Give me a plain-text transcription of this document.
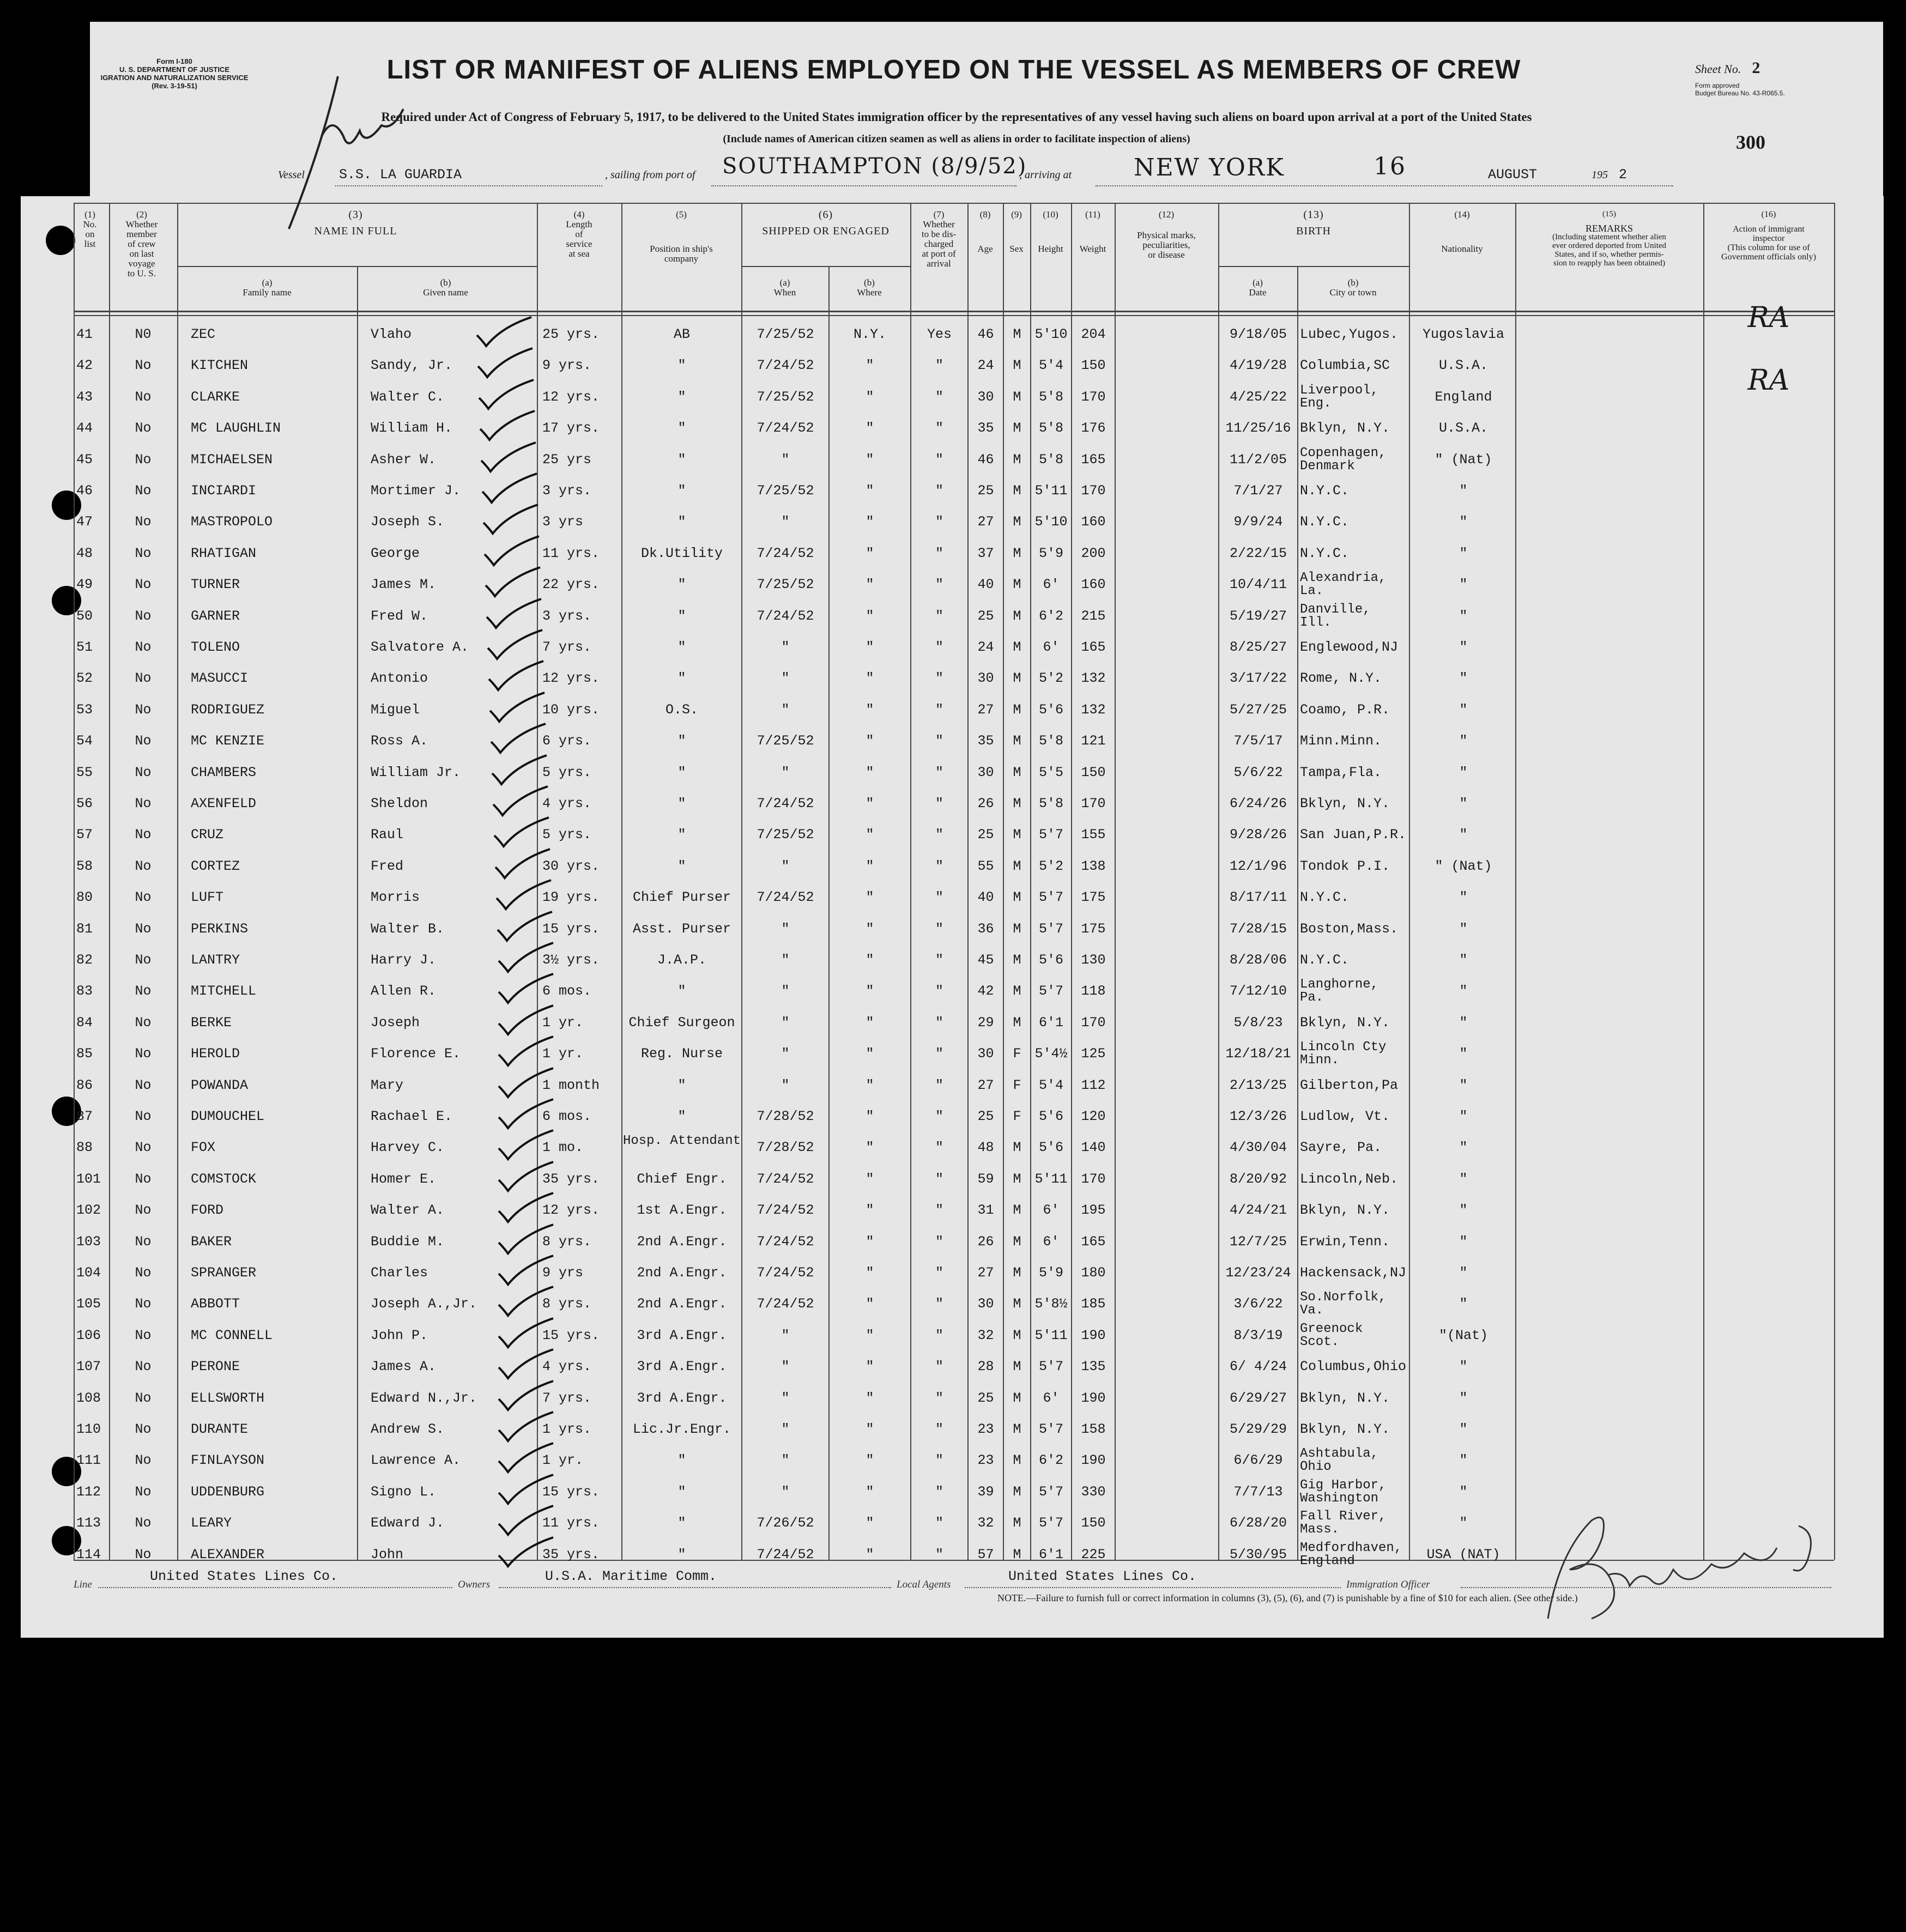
Form I-180
U. S. DEPARTMENT OF JUSTICE
IGRATION AND NATURALIZATION SERVICE
(Rev. 3-19-51)
LIST OR MANIFEST OF ALIENS EMPLOYED ON THE VESSEL AS MEMBERS OF CREW	Sheet No. 2
Form approved
Budget Bureau No. 43-R065.5.
300
Required under Act of Congress of February 5, 1917, to be delivered to the United States immigration officer by the representatives of any vessel having such aliens on board upon arrival at a port of the United States
(Include names of American citizen seamen as well as aliens in order to facilitate inspection of aliens)
Vessel	S.S. LA GUARDIA	, sailing from port of SOUTHAMPTON (8/9/52)
, arriving at	NEW YORK	16	AUGUST	195 2
(1)
No.
on
list
(2)
Whether
member
of crew
on last
voyage
to U. S.
(3)
NAME IN FULL
(a)
Family name
(b)
Given name
(4)
Length
of
service
at sea
(5)
Position in ship's
company
(6)
SHIPPED OR ENGAGED
(a)
When
(b)
Where
(7)
Whether
to be dis-
charged
at port of
arrival
(8)
Age
(9)
Sex
(10)
Height
(11)
Weight
(12)
Physical marks,
peculiarities,
or disease
(13)
BIRTH
(a)
Date
(b)
City or town
(14)
Nationality
(15)
REMARKS
(Including statement whether alien
ever ordered deported from United
States, and if so, whether permis-
sion to reapply has been obtained)
(16)
Action of immigrant
inspector
(This column for use of
Government officials only)
41	N0	ZEC	Vlaho	25 yrs.	AB	7/25/52	N.Y.	Yes	46	M 5'10 204	9/18/05 Lubec,Yugos.	Yugoslavia
RA
42	No	KITCHEN	Sandy, Jr.	9 yrs.	"	7/24/52	"	"	24	M	5'4	150	4/19/28 Columbia,SC	U.S.A.
43	No	CLARKE	Walter C.	12 yrs.	"	7/25/52	"	"	30	M	5'8	170	4/25/22 Liverpool, Eng.	England
RA
44	No	MC LAUGHLIN	William H.	17 yrs.	"	7/24/52	"	"	35	M	5'8	176	11/25/16 Bklyn, N.Y.	U.S.A.
45	No	MICHAELSEN	Asher W.	25 yrs	"	"	"	"	46	M	5'8	165	11/2/05 Copenhagen, Denmark	" (Nat)
46	No	INCIARDI	Mortimer J.	3 yrs.	"	7/25/52	"	"	25	M 5'11 170	7/1/27	N.Y.C.	"
47	No	MASTROPOLO	Joseph S.	3 yrs	"	"	"	"	27	M 5'10 160	9/9/24	N.Y.C.	"
48	No	RHATIGAN	George	11 yrs.	Dk.Utility	7/24/52	"	"	37	M	5'9	200	2/22/15 N.Y.C.	"
49	No	TURNER	James M.	22 yrs.	"	7/25/52	"	"	40	M	6'	160	10/4/11 Alexandria, La.	"
50	No	GARNER	Fred W.	3 yrs.	"	7/24/52	"	"	25	M	6'2	215	5/19/27 Danville, Ill.	"
51	No	TOLENO	Salvatore A.	7 yrs.	"	"	"	"	24	M	6'	165	8/25/27 Englewood,NJ	"
52	No	MASUCCI	Antonio	12 yrs.	"	"	"	"	30	M	5'2	132	3/17/22 Rome, N.Y.	"
53	No	RODRIGUEZ	Miguel	10 yrs.	O.S.	"	"	"	27	M	5'6	132	5/27/25 Coamo, P.R.	"
54	No	MC KENZIE	Ross A.	6 yrs.	"	7/25/52	"	"	35	M	5'8	121	7/5/17	Minn.Minn.	"
55	No	CHAMBERS	William Jr.	5 yrs.	"	"	"	"	30	M	5'5	150	5/6/22	Tampa,Fla.	"
56	No	AXENFELD	Sheldon	4 yrs.	"	7/24/52	"	"	26	M	5'8	170	6/24/26 Bklyn, N.Y.	"
57	No	CRUZ	Raul	5 yrs.	"	7/25/52	"	"	25	M	5'7	155	9/28/26 San Juan,P.R.	"
58	No	CORTEZ	Fred	30 yrs.	"	"	"	"	55	M	5'2	138	12/1/96 Tondok P.I.	" (Nat)
80	No	LUFT	Morris	19 yrs.	Chief Purser	7/24/52	"	"	40	M	5'7	175	8/17/11 N.Y.C.	"
81	No	PERKINS	Walter B.	15 yrs.	Asst. Purser	"	"	"	36	M	5'7	175	7/28/15 Boston,Mass.	"
82	No	LANTRY	Harry J.	3½ yrs.	J.A.P.	"	"	"	45	M	5'6	130	8/28/06 N.Y.C.	"
83	No	MITCHELL	Allen R.	6 mos.	"	"	"	"	42	M	5'7	118	7/12/10 Langhorne, Pa.	"
84	No	BERKE	Joseph	1 yr.	Chief Surgeon	"	"	"	29	M	6'1	170	5/8/23	Bklyn, N.Y.	"
85	No	HEROLD	Florence E.	1 yr.	Reg. Nurse	"	"	"	30	F 5'4½ 125	12/18/21 Lincoln Cty Minn.	"
86	No	POWANDA	Mary	1 month	"	"	"	"	27	F	5'4	112	2/13/25 Gilberton,Pa	"
87	No	DUMOUCHEL	Rachael E.	6 mos.	"	7/28/52	"	"	25	F	5'6	120	12/3/26 Ludlow, Vt.	"
88	No	FOX	Harvey C.	1 mo.	Hosp. Attendant	7/28/52	"	"	48	M	5'6	140	4/30/04 Sayre, Pa.	"
101	No	COMSTOCK	Homer E.	35 yrs.	Chief Engr.	7/24/52	"	"	59	M 5'11 170	8/20/92 Lincoln,Neb.	"
102	No	FORD	Walter A.	12 yrs.	1st A.Engr.	7/24/52	"	"	31	M	6'	195	4/24/21 Bklyn, N.Y.	"
103	No	BAKER	Buddie M.	8 yrs.	2nd A.Engr.	7/24/52	"	"	26	M	6'	165	12/7/25 Erwin,Tenn.	"
104	No	SPRANGER	Charles	9 yrs	2nd A.Engr.	7/24/52	"	"	27	M	5'9	180	12/23/24 Hackensack,NJ	"
105	No	ABBOTT	Joseph A.,Jr.	8 yrs.	2nd A.Engr.	7/24/52	"	"	30	M 5'8½ 185	3/6/22	So.Norfolk, Va.	"
106	No	MC CONNELL	John P.	15 yrs.	3rd A.Engr.	"	"	"	32	M 5'11 190	8/3/19	Greenock Scot.	"(Nat)
107	No	PERONE	James A.	4 yrs.	3rd A.Engr.	"	"	"	28	M	5'7	135	6/ 4/24 Columbus,Ohio	"
108	No	ELLSWORTH	Edward N.,Jr.	7 yrs.	3rd A.Engr.	"	"	"	25	M	6'	190	6/29/27 Bklyn, N.Y.	"
110	No	DURANTE	Andrew S.	1 yrs.	Lic.Jr.Engr.	"	"	"	23	M	5'7	158	5/29/29 Bklyn, N.Y.	"
111	No	FINLAYSON	Lawrence A.	1 yr.	"	"	"	"	23	M	6'2	190	6/6/29	Ashtabula, Ohio	"
112	No	UDDENBURG	Signo L.	15 yrs.	"	"	"	"	39	M	5'7	330	7/7/13	Gig Harbor, Washington	"
113	No	LEARY	Edward J.	11 yrs.	"	7/26/52	"	"	32	M	5'7	150	6/28/20 Fall River, Mass.	"
114	No	ALEXANDER	John	35 yrs.	"	7/24/52	"	"	57	M	6'1	225	5/30/95 Medfordhaven, England	USA (NAT)
Line
United States Lines Co.
Owners
U.S.A. Maritime Comm.
Local Agents
United States Lines Co.
Immigration Officer
NOTE.—Failure to furnish full or correct information in columns (3), (5), (6), and (7) is punishable by a fine of $10 for each alien. (See other side.)
